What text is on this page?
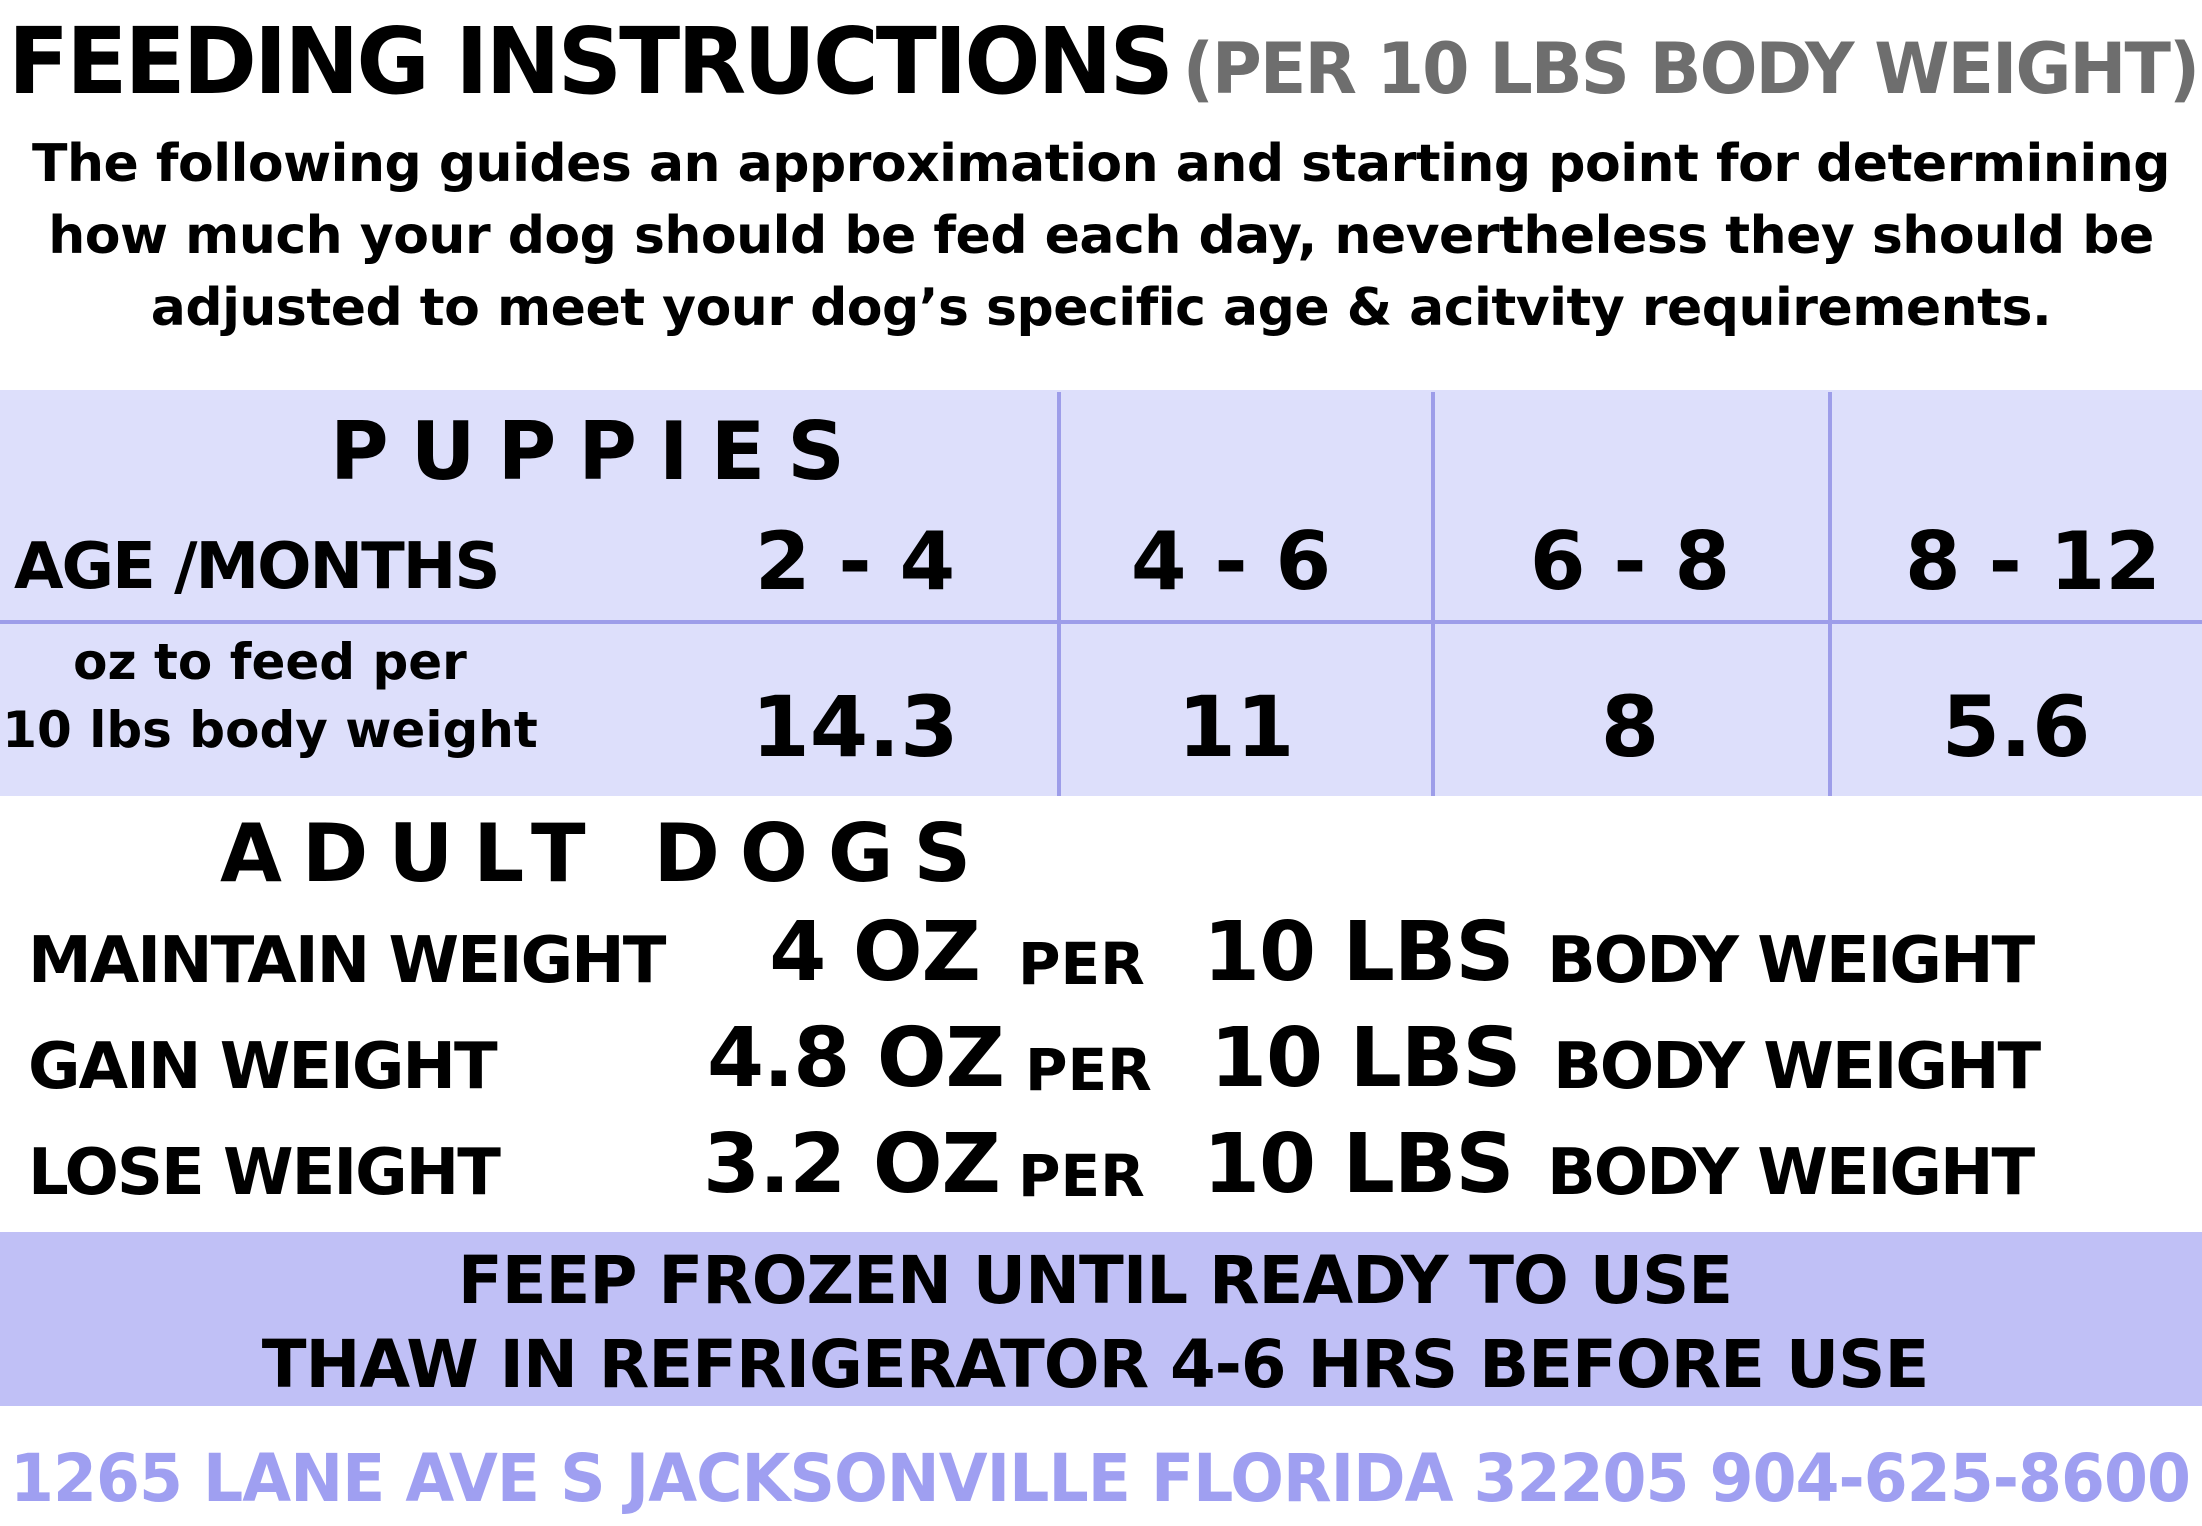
FEEDING INSTRUCTIONS (PER 10 LBS BODY WEIGHT)
The following guides an approximation and starting point for determining how much your dog should be fed each day, nevertheless they should be adjusted to meet your dog’s specific age & acitvity requirements.
PUPPIES
AGE /MONTHS	2 - 4	4 - 6	6 - 8	8 - 12
oz to feed per
10 lbs body weight	14.3	11	8	5.6
ADULT DOGS
MAINTAIN WEIGHT	4 OZ PER 10 LBS BODY WEIGHT
GAIN WEIGHT	4.8 OZ PER 10 LBS BODY WEIGHT
LOSE WEIGHT 3.2 OZ PER 10 LBS BODY WEIGHT
FEEP FROZEN UNTIL READY TO USE
THAW IN REFRIGERATOR 4-6 HRS BEFORE USE
1265 LANE AVE S JACKSONVILLE FLORIDA 32205 904-625-8600
